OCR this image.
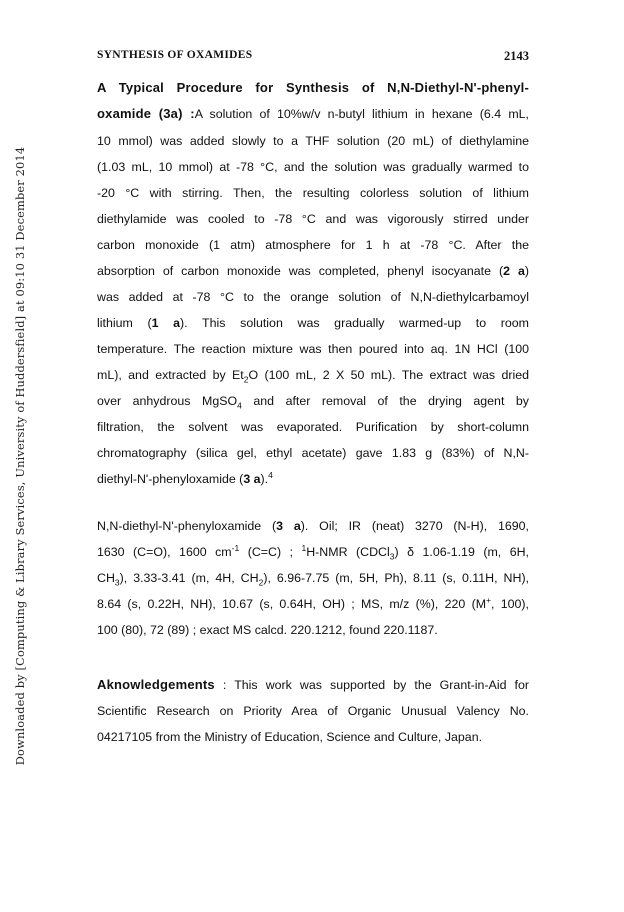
Downloaded by [Computing & Library Services, University of Huddersfield] at 09:10 31 December 2014
SYNTHESIS OF OXAMIDES	2143
A Typical Procedure for Synthesis of N,N-Diethyl-N'-phenyl-
oxamide (3a) :A solution of 10%w/v n-butyl lithium in hexane (6.4 mL,
10 mmol) was added slowly to a THF solution (20 mL) of diethylamine
(1.03 mL, 10 mmol) at -78 °C, and the solution was gradually warmed to
-20 °C with stirring. Then, the resulting colorless solution of lithium
diethylamide was cooled to -78 °C and was vigorously stirred under
carbon monoxide (1 atm) atmosphere for 1 h at -78 °C. After the
absorption of carbon monoxide was completed, phenyl isocyanate (2 a)
was added at -78 °C to the orange solution of N,N-diethylcarbamoyl
lithium (1 a). This solution was gradually warmed-up to room
temperature. The reaction mixture was then poured into aq. 1N HCl (100
mL), and extracted by $Et_2O$ (100 mL, 2 X 50 mL). The extract was dried
over anhydrous MgSO$_4$ and after removal of the drying agent by
filtration, the solvent was evaporated. Purification by short-column
chromatography (silica gel, ethyl acetate) gave 1.83 g (83%) of N,N-
diethyl-N'-phenyloxamide (3 a).$^4$
N,N-diethyl-N'-phenyloxamide (3 a). Oil; IR (neat) 3270 (N-H), 1690,
1630 (C=O), 1600 $cm^{-1}$ (C=C) ; $^1$H-NMR (CDCl$_3$) δ 1.06-1.19 (m, 6H,
$CH_3$), 3.33-3.41 (m, 4H, $CH_2$), 6.96-7.75 (m, 5H, Ph), 8.11 (s, 0.11H, NH),
8.64 (s, 0.22H, NH), 10.67 (s, 0.64H, OH) ; MS, m/z (%), 220 (M+, 100),
100 (80), 72 (89) ; exact MS calcd. 220.1212, found 220.1187.
Aknowledgements : This work was supported by the Grant-in-Aid for
Scientific Research on Priority Area of Organic Unusual Valency No.
04217105 from the Ministry of Education, Science and Culture, Japan.
